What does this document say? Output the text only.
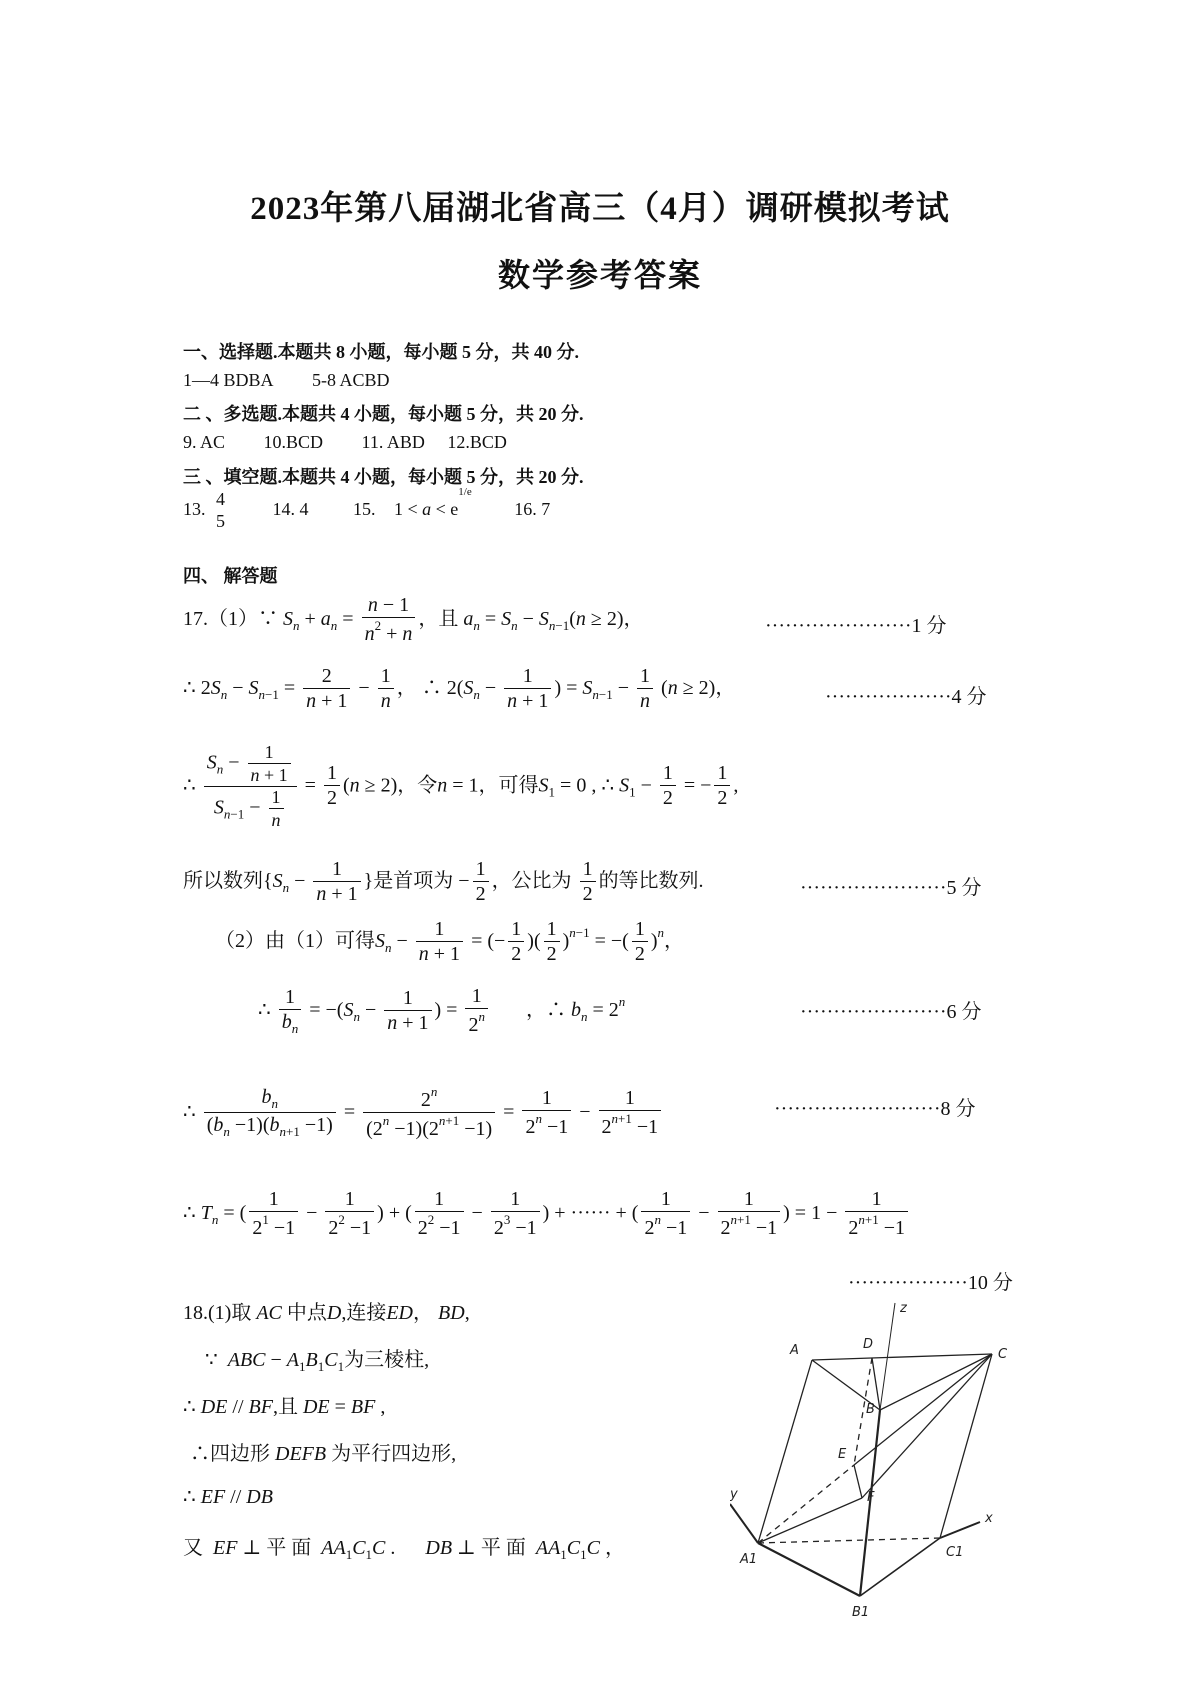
2023年第八届湖北省高三（4月）调研模拟考试
数学参考答案
一、选择题.本题共 8 小题，每小题 5 分，共 40 分.
1—4 BDBA 5-8 ACBD
二 、多选题.本题共 4 小题，每小题 5 分，共 20 分.
9. AC 10.BCD 11. ABD 12.BCD
三 、填空题.本题共 4 小题，每小题 5 分，共 20 分.
13. 4
5
14. 4 15. $1 < a < e^{1/e}$ 16. 7
四、 解答题
17.（1）∵ $S_n + a_n = \frac{n - 1}{n^2 + n}$ ，且 $a_n = S_n - S_{n-1}(n \ge 2)$，	······················1 分
∴ $2S_n - S_{n-1} = \frac{2}{n + 1} - \frac{1}{n}$ ， ∴ $2(S_n - \frac{1}{n + 1}$ ) = $S_{n-1} - \frac{1}{n} (n \ge 2)$，	···················4 分
∴ $\frac{S_n - \frac{1}{n + 1}}{S_{n-1} - \frac{1}{n}} = \frac{1}{2} (n \ge 2)$，令n = 1，可得$S_1 = 0$ , ∴ $S_1 - \frac{1}{2}$ = − $\frac{1}{2}$ ,
所以数列{$S_n - \frac{1}{n + 1}$ }是首项为 − $\frac{1}{2}$ ，公比为 $\frac{1}{2}$ 的等比数列.	······················5 分
（2）由（1）可得$S_n - \frac{1}{n + 1}$ = (− $\frac{1}{2}$ )( $\frac{1}{2} )^{n-1}$ = −( $\frac{1}{2} )^n$，
∴ $\frac{1}{b_n} = -(S_n - \frac{1}{n + 1}$ ) = $\frac{1}{2^n}$ ，∴ $b_n = 2^n$	······················6 分
∴ $\frac{b_n}{(b_n -1)(b_{n+1} -1)} = \frac{2^n}{(2^n -1)(2^{n+1} -1)} = \frac{1}{2^n -1} - \frac{1}{2^{n+1} -1}$	·························8 分
∴ $T_n$ = ( $\frac{1}{2^1 -1} - \frac{1}{2^2 -1}$ ) + ( $\frac{1}{2^2 -1} - \frac{1}{2^3 -1}$ ) + ······ + ( $\frac{1}{2^n -1} - \frac{1}{2^{n+1} -1}$ ) = $1 - \frac{1}{2^{n+1} -1}$
··················10 分
18.(1)取 AC 中点D,连接ED， BD,
∵  ABC − $A_1B_1C_1$为三棱柱,
∴ DE // BF,且 DE = BF ,
∴四边形 DEFB 为平行四边形,
∴ EF // DB
又 EF ⊥ 平 面 $AA_1C_1C$ .      DB ⊥ 平 面 $AA_1C_1C$ ，
z
A	D
C
B
E
F
y
A1	C1
x
B1
